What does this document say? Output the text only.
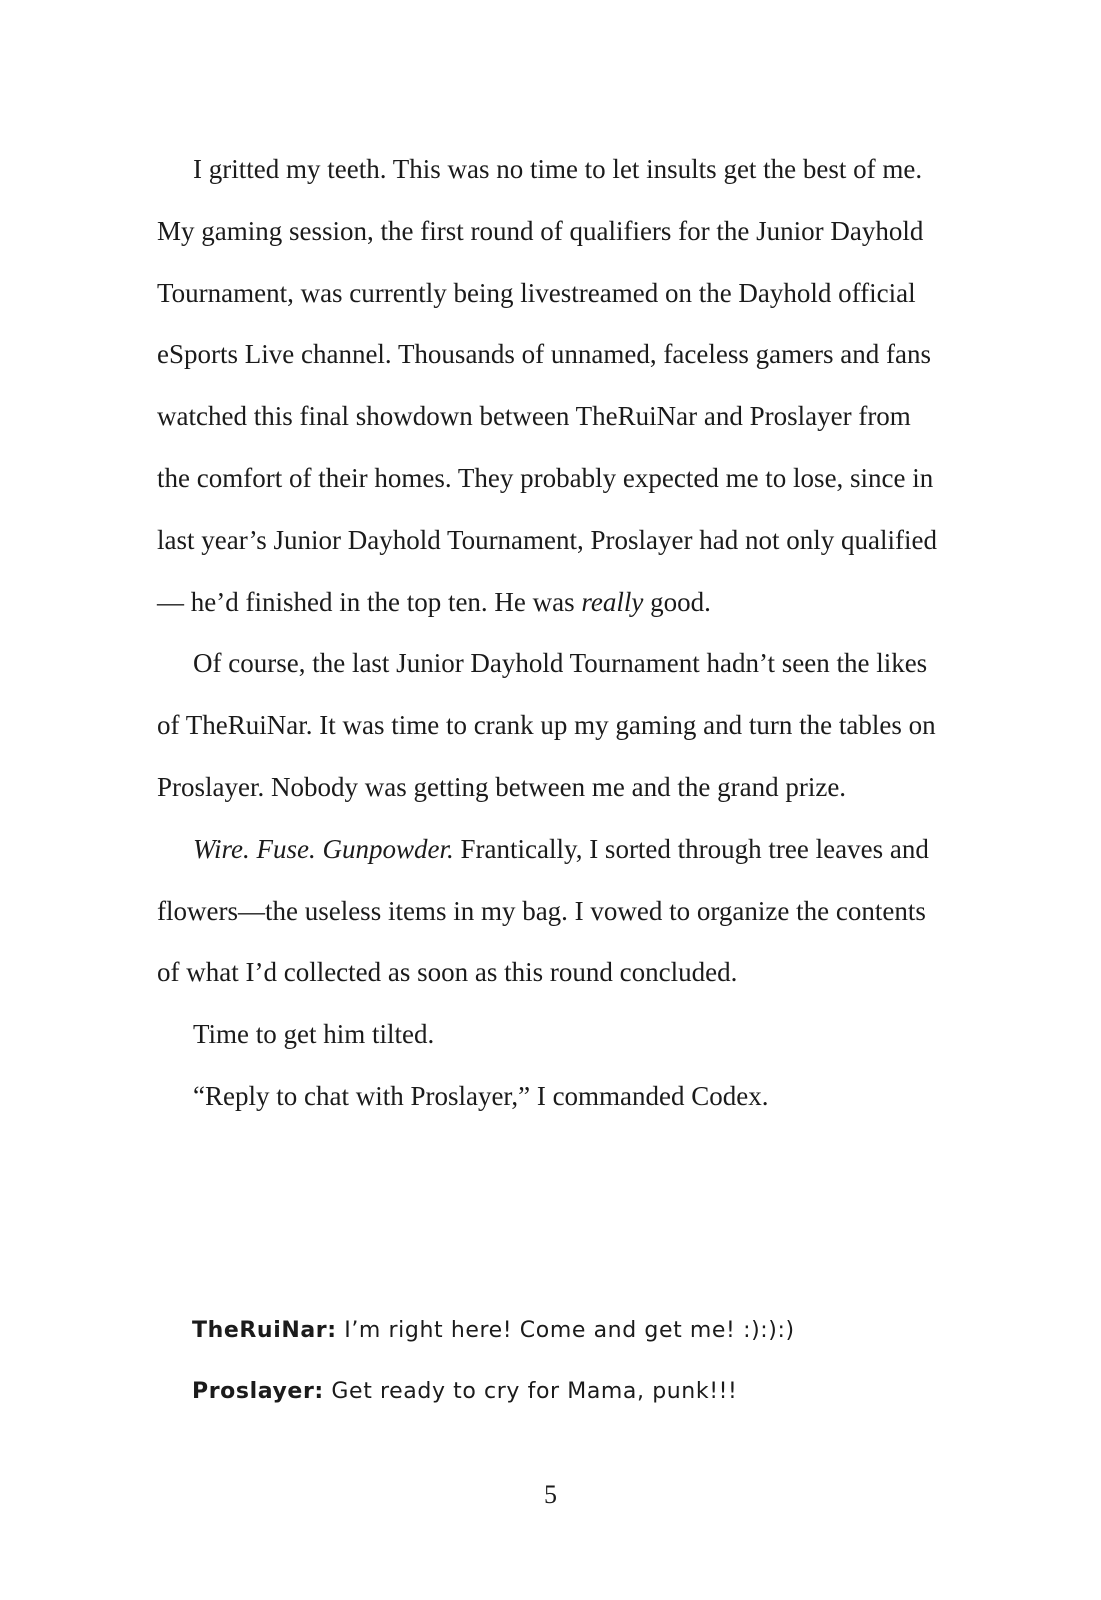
I gritted my teeth. This was no time to let insults get the best of me. My gaming session, the first round of qualifiers for the Junior Dayhold Tournament, was currently being livestreamed on the Dayhold official eSports Live channel. Thousands of unnamed, faceless gamers and fans watched this final showdown between TheRuiNar and Proslayer from the comfort of their homes. They probably expected me to lose, since in last year’s Junior Dayhold Tournament, Proslayer had not only qualified— he’d finished in the top ten. He was really good.

Of course, the last Junior Dayhold Tournament hadn’t seen the likes of TheRuiNar. It was time to crank up my gaming and turn the tables on Proslayer. Nobody was getting between me and the grand prize.

Wire. Fuse. Gunpowder. Frantically, I sorted through tree leaves and flowers—the useless items in my bag. I vowed to organize the contents of what I’d collected as soon as this round concluded.

Time to get him tilted.

“Reply to chat with Proslayer,” I commanded Codex.

TheRuiNar: I’m right here! Come and get me! :):):)
Proslayer: Get ready to cry for Mama, punk!!!
5
